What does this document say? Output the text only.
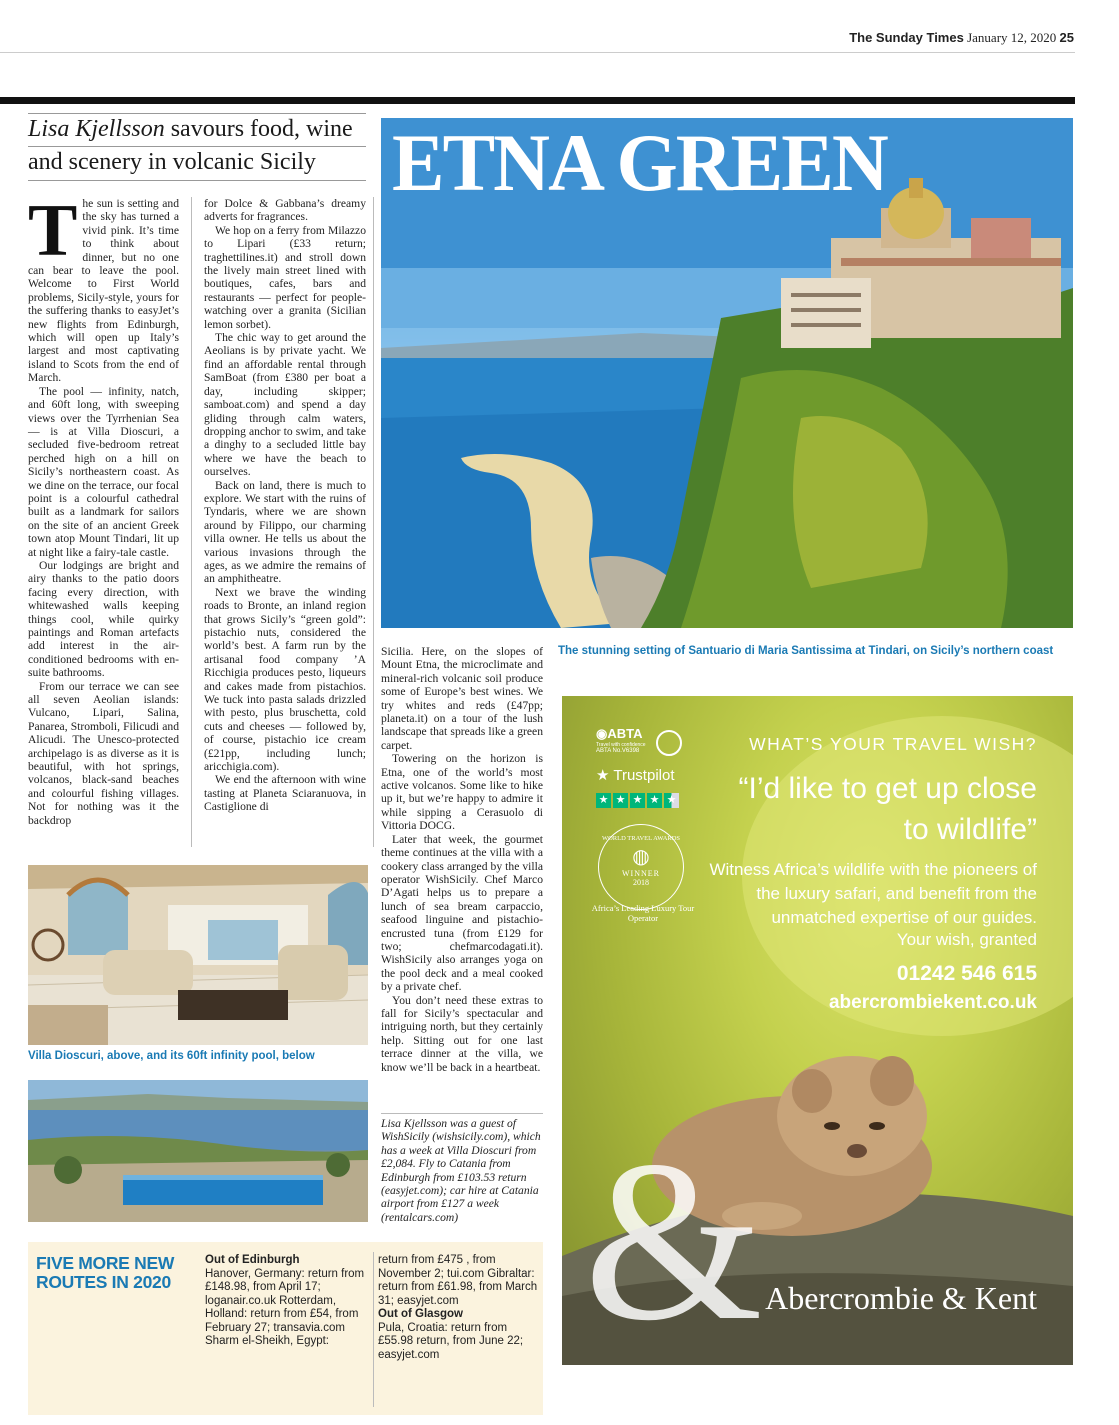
The Sunday Times January 12, 2020 25
Lisa Kjellsson savours food, wine
and scenery in volcanic Sicily
T he sun is setting and the sky has turned a vivid pink. It’s time to think about dinner, but no one can bear to leave the pool. Welcome to First World problems, Sicily-style, yours for the suffering thanks to easyJet’s new flights from Edinburgh, which will open up Italy’s largest and most captivating island to Scots from the end of March.

The pool — infinity, natch, and 60ft long, with sweeping views over the Tyrrhenian Sea — is at Villa Dioscuri, a secluded five-bedroom retreat perched high on a hill on Sicily’s northeastern coast. As we dine on the terrace, our focal point is a colourful cathedral built as a landmark for sailors on the site of an ancient Greek town atop Mount Tindari, lit up at night like a fairy-tale castle.

Our lodgings are bright and airy thanks to the patio doors facing every direction, with whitewashed walls keeping things cool, while quirky paintings and Roman artefacts add interest in the air-conditioned bedrooms with en-suite bathrooms.

From our terrace we can see all seven Aeolian islands: Vulcano, Lipari, Salina, Panarea, Stromboli, Filicudi and Alicudi. The Unesco-protected archipelago is as diverse as it is beautiful, with hot springs, volcanos, black-sand beaches and colourful fishing villages. Not for nothing was it the backdrop

for Dolce & Gabbana’s dreamy adverts for fragrances.

We hop on a ferry from Milazzo to Lipari (£33 return; traghettilines.it) and stroll down the lively main street lined with boutiques, cafes, bars and restaurants — perfect for people-watching over a granita (Sicilian lemon sorbet).

The chic way to get around the Aeolians is by private yacht. We find an affordable rental through SamBoat (from £380 per boat a day, including skipper; samboat.com) and spend a day gliding through calm waters, dropping anchor to swim, and take a dinghy to a secluded little bay where we have the beach to ourselves.

Back on land, there is much to explore. We start with the ruins of Tyndaris, where we are shown around by Filippo, our charming villa owner. He tells us about the various invasions through the ages, as we admire the remains of an amphitheatre.

Next we brave the winding roads to Bronte, an inland region that grows Sicily’s “green gold”: pistachio nuts, considered the world’s best. A farm run by the artisanal food company ’A Ricchigia produces pesto, liqueurs and cakes made from pistachios. We tuck into pasta salads drizzled with pesto, plus bruschetta, cold cuts and cheeses — followed by, of course, pistachio ice cream (£21pp, including lunch; aricchigia.com).

We end the afternoon with wine tasting at Planeta Sciaranuova, in Castiglione di

Sicilia. Here, on the slopes of Mount Etna, the microclimate and mineral-rich volcanic soil produce some of Europe’s best wines. We try whites and reds (£47pp; planeta.it) on a tour of the lush landscape that spreads like a green carpet.

Towering on the horizon is Etna, one of the world’s most active volcanos. Some like to hike up it, but we’re happy to admire it while sipping a Cerasuolo di Vittoria DOCG.

Later that week, the gourmet theme continues at the villa with a cookery class arranged by the villa operator WishSicily. Chef Marco D’Agati helps us to prepare a lunch of sea bream carpaccio, seafood linguine and pistachio-encrusted tuna (from £129 for two; chefmarcodagati.it). WishSicily also arranges yoga on the pool deck and a meal cooked by a private chef.

You don’t need these extras to fall for Sicily’s spectacular and intriguing north, but they certainly help. Sitting out for one last terrace dinner at the villa, we know we’ll be back in a heartbeat.

ETNA GREEN
The stunning setting of Santuario di Maria Santissima at Tindari, on Sicily’s northern coast
Villa Dioscuri, above, and its 60ft infinity pool, below
Lisa Kjellsson was a guest of WishSicily (wishsicily.com), which has a week at Villa Dioscuri from £2,084. Fly to Catania from Edinburgh from £103.53 return (easyjet.com); car hire at Catania airport from £127 a week (rentalcars.com)
FIVE MORE NEW ROUTES IN 2020
Out of Edinburgh
Hanover, Germany: return from £148.98, from April 17; loganair.co.uk Rotterdam, Holland: return from £54, from February 27; transavia.com Sharm el-Sheikh, Egypt:
return from £475 , from November 2; tui.com Gibraltar: return from £61.98, from March 31; easyjet.com
Out of Glasgow
Pula, Croatia: return from £55.98 return, from June 22; easyjet.com
◉ABTA
Travel with confidence
ABTA No.V6398
★ Trustpilot
★ ★ ★ ★ ★
WORLD TRAVEL AWARDS
◍
WINNER
2018
Africa’s Leading Luxury Tour Operator
WHAT’S YOUR TRAVEL WISH?
“I’d like to get up close to wildlife”
Witness Africa’s wildlife with the pioneers of the luxury safari, and benefit from the unmatched expertise of our guides.
Your wish, granted
01242 546 615
abercrombiekent.co.uk
& Abercrombie & Kent
